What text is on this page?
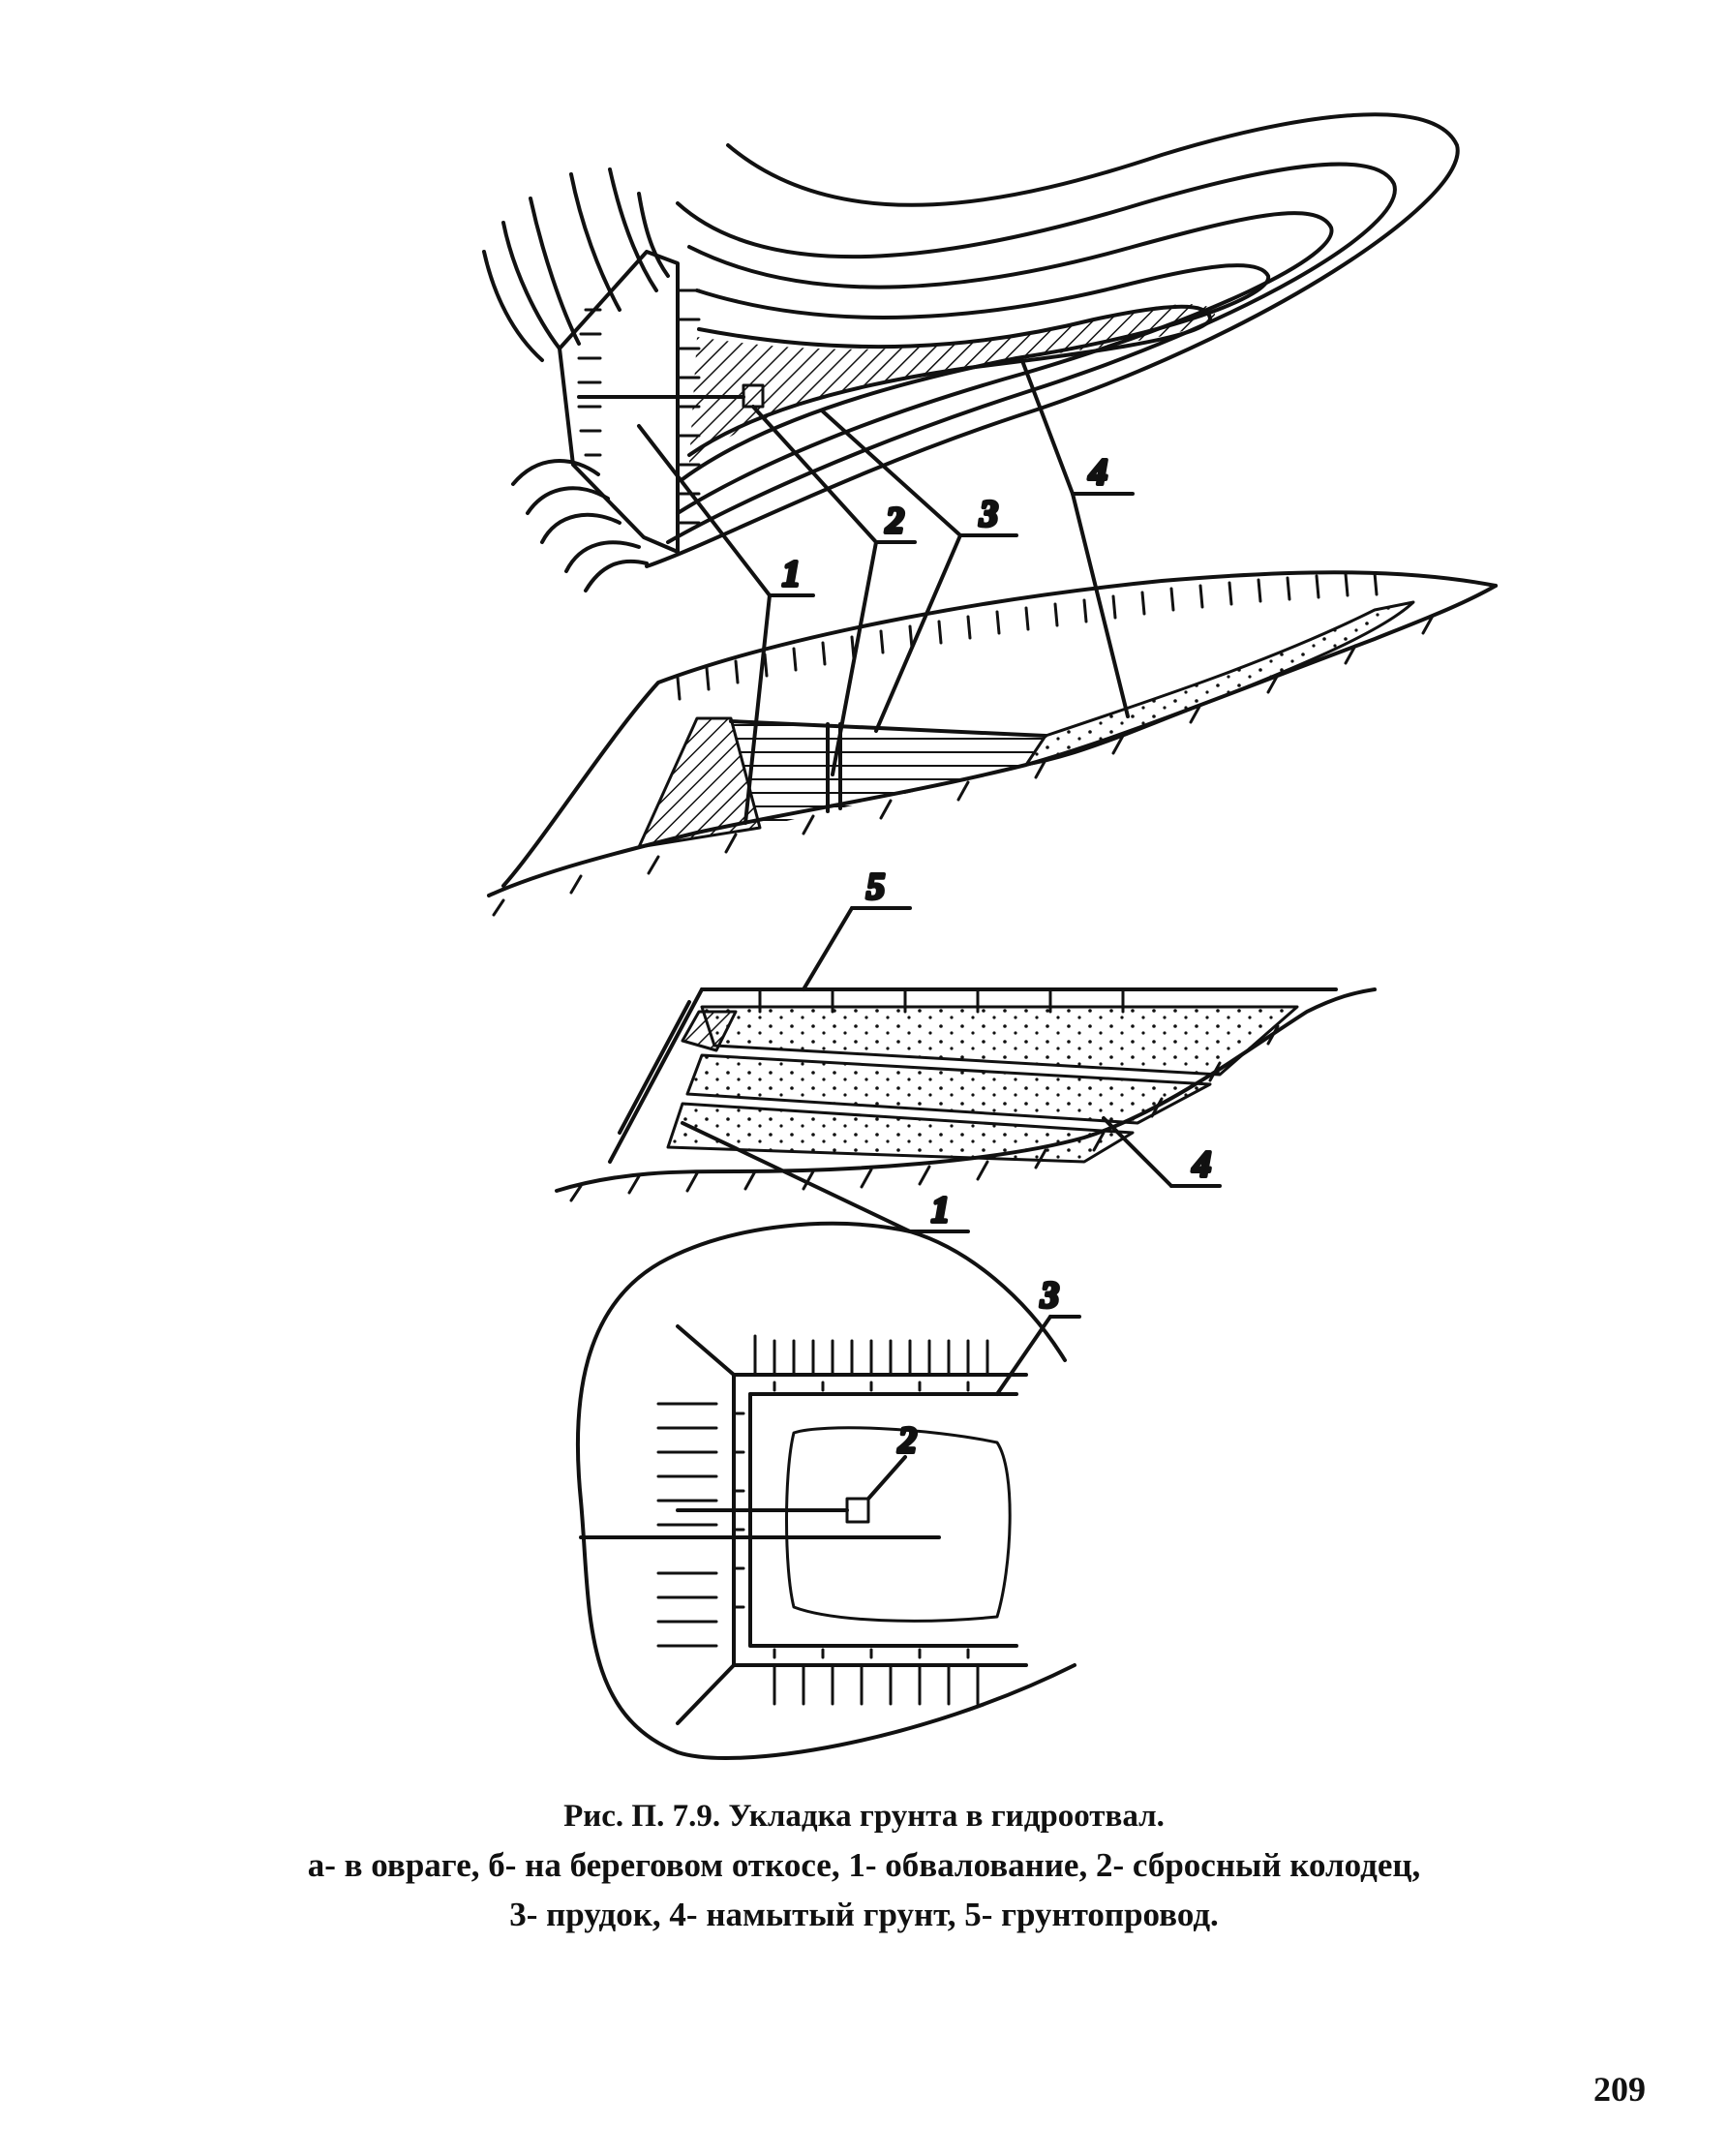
1
2 3
4
5
4
1
2
3
Рис. П. 7.9. Укладка грунта в гидроотвал.
а- в овраге, б- на береговом откосе, 1- обвалование, 2- сбросный колодец,
3- прудок, 4- намытый грунт, 5- грунтопровод.
209
